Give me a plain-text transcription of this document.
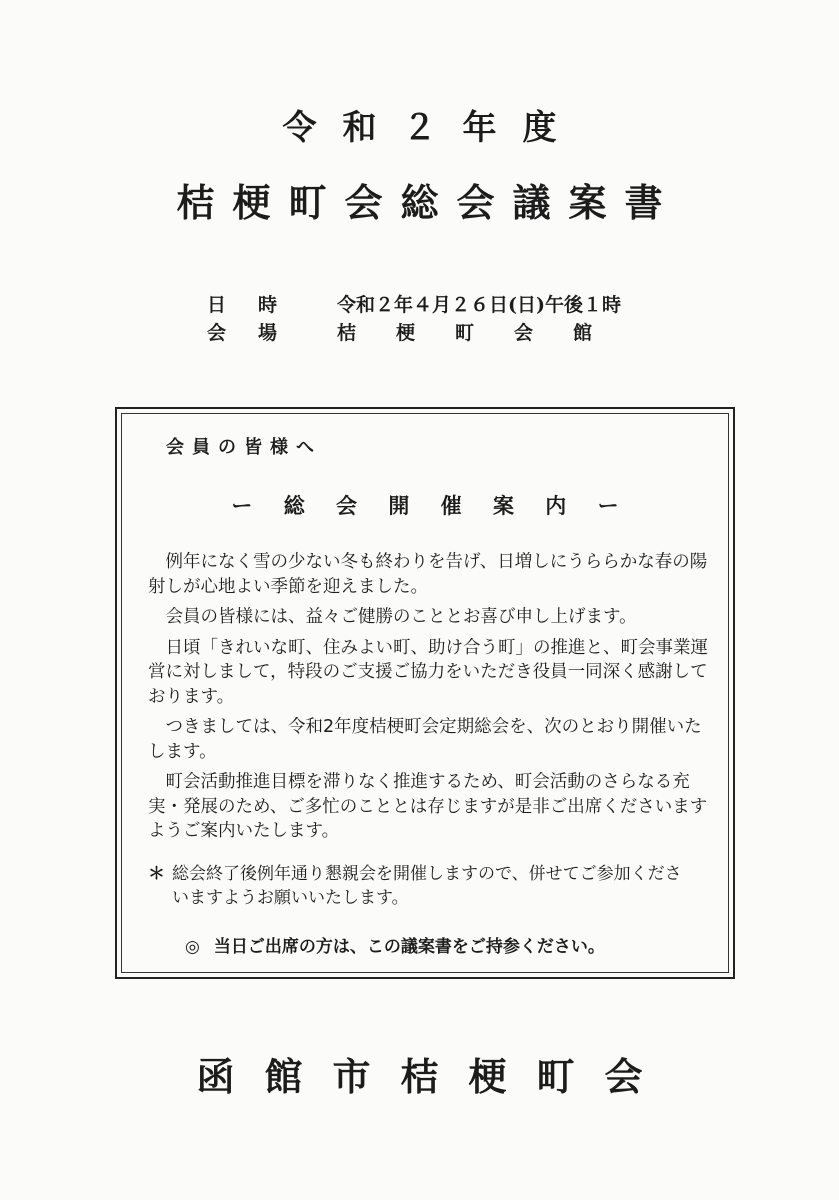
令和２年度
桔梗町会総会議案書
日時 令和２年４月２６日(日)午後１時
会場 桔梗町会館
会員の皆様へ
ー 総 会 開 催 案 内 ー

例年になく雪の少ない冬も終わりを告げ、日増しにうららかな春の陽射しが心地よい季節を迎えました。

会員の皆様には、益々ご健勝のこととお喜び申し上げます。

日頃「きれいな町、住みよい町、助け合う町」の推進と、町会事業運営に対しまして，特段のご支援ご協力をいただき役員一同深く感謝しております。

つきましては、令和2年度桔梗町会定期総会を、次のとおり開催いたします。

町会活動推進目標を滞りなく推進するため、町会活動のさらなる充実・発展のため、ご多忙のこととは存じますが是非ご出席くださいますようご案内いたします。

＊ 総会終了後例年通り懇親会を開催しますので、併せてご参加くださいますようお願いいたします。
◎ 当日ご出席の方は、この議案書をご持参ください。
函館市桔梗町会
